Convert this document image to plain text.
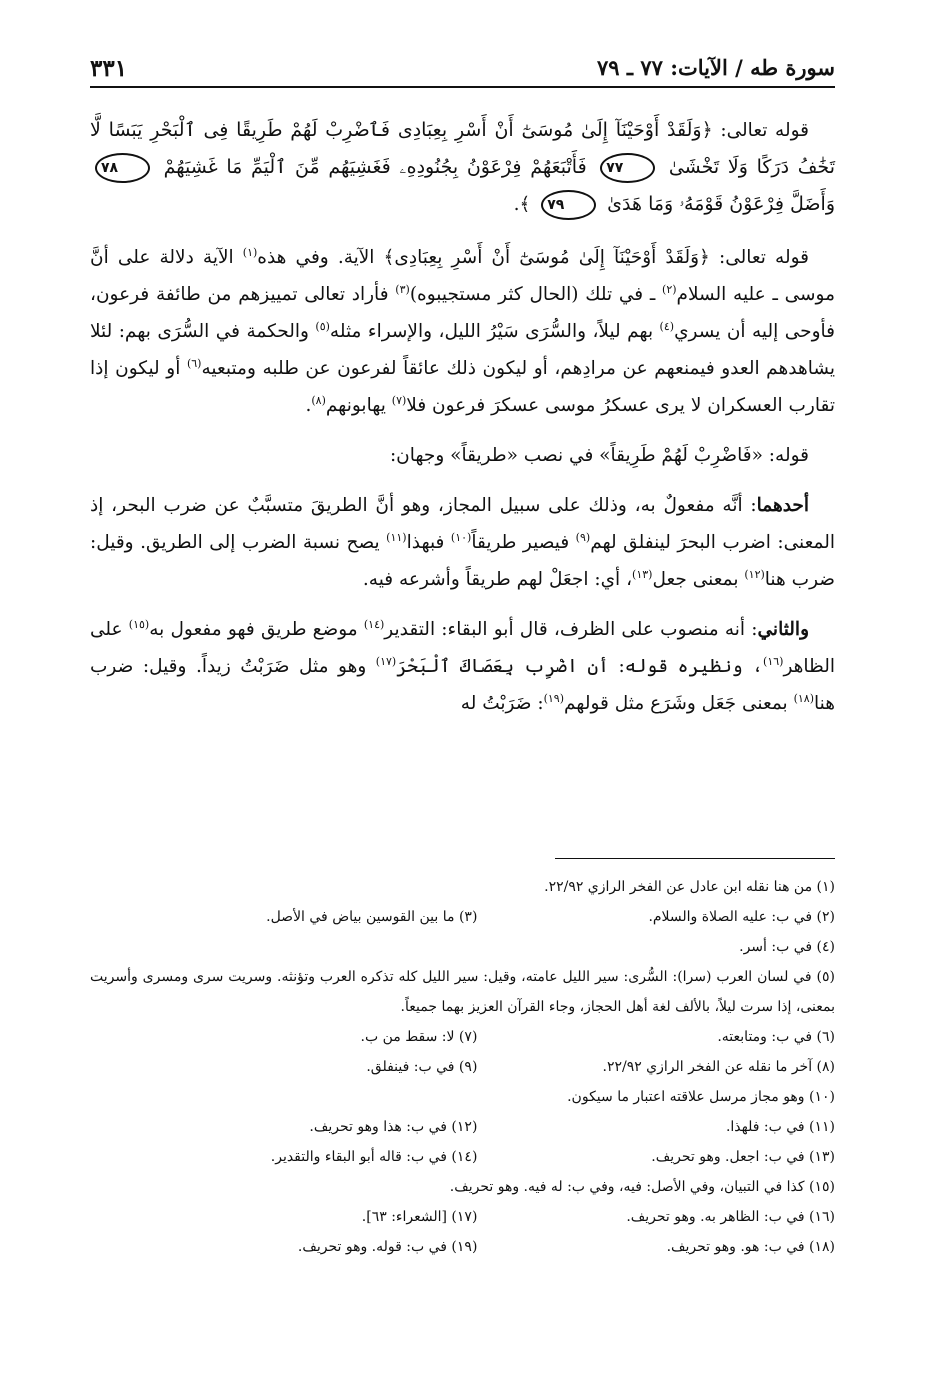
سورة طه / الآيات: ٧٧ ـ ٧٩
٣٣١

قوله تعالى: ﴿وَلَقَدْ أَوْحَيْنَآ إِلَىٰ مُوسَىٰٓ أَنْ أَسْرِ بِعِبَادِى فَٱضْرِبْ لَهُمْ طَرِيقًا فِى ٱلْبَحْرِ يَبَسًا لَّا تَخَٰفُ دَرَكًا وَلَا تَخْشَىٰ ٧٧ فَأَتْبَعَهُمْ فِرْعَوْنُ بِجُنُودِهِۦ فَغَشِيَهُم مِّنَ ٱلْيَمِّ مَا غَشِيَهُمْ ٧٨ وَأَضَلَّ فِرْعَوْنُ قَوْمَهُۥ وَمَا هَدَىٰ ٧٩ ﴾.

قوله تعالى: ﴿وَلَقَدْ أَوْحَيْنَآ إِلَىٰ مُوسَىٰٓ أَنْ أَسْرِ بِعِبَادِى﴾ الآية. وفي هذه$^{(١)}$ الآية دلالة على أنَّ موسى ـ عليه السلام$^{(٢)}$ ـ في تلك (الحال كثر مستجيبوه)$^{(٣)}$ فأراد تعالى تمييزهم من طائفة فرعون، فأوحى إليه أن يسري$^{(٤)}$ بهم ليلاً، والسُّرَى سَيْرُ الليل، والإسراء مثله$^{(٥)}$ والحكمة في السُّرَى بهم: لئلا يشاهدهم العدو فيمنعهم عن مرادِهم، أو ليكون ذلك عائقاً لفرعون عن طلبه ومتبعيه$^{(٦)}$ أو ليكون إذا تقارب العسكران لا يرى عسكرُ موسى عسكرَ فرعون فلا$^{(٧)}$ يهابونهم$^{(٨)}$.

قوله: «فَاضْرِبْ لَهُمْ طَرِيقاً» في نصب «طريقاً» وجهان:

أحدهما: أنَّه مفعولٌ به، وذلك على سبيل المجاز، وهو أنَّ الطريقَ متسبَّبٌ عن ضرب البحر، إذ المعنى: اضرب البحرَ لينفلق لهم$^{(٩)}$ فيصير طريقاً$^{(١٠)}$ فبهذا$^{(١١)}$ يصح نسبة الضرب إلى الطريق. وقيل: ضرب هنا$^{(١٢)}$ بمعنى جعل$^{(١٣)}$، أي: اجعَلْ لهم طريقاً وأشرعه فيه.

والثاني: أنه منصوب على الظرف، قال أبو البقاء: التقدير$^{(١٤)}$ موضع طريق فهو مفعول به$^{(١٥)}$ على الظاهر$^{(١٦)}$، ونظيره قوله: أن اضْرِب بِعَصَاكَ ٱلْبَحْرَ$^{(١٧)}$ وهو مثل ضَرَبْتُ زيداً. وقيل: ضرب هنا$^{(١٨)}$ بمعنى جَعَل وشَرَع مثل قولهم$^{(١٩)}$: ضَرَبْتُ له

(١) من هنا نقله ابن عادل عن الفخر الرازي ٢٢/٩٢.
(٢) في ب: عليه الصلاة والسلام.
(٣) ما بين القوسين بياض في الأصل.
(٤) في ب: أسر.
(٥) في لسان العرب (سرا): السُّرى: سير الليل عامته، وقيل: سير الليل كله تذكره العرب وتؤنثه. وسريت سرى ومسرى وأسريت بمعنى، إذا سرت ليلاً، بالألف لغة أهل الحجاز، وجاء القرآن العزيز بهما جميعاً.
(٦) في ب: ومتابعته.
(٧) لا: سقط من ب.
(٨) آخر ما نقله عن الفخر الرازي ٢٢/٩٢.
(٩) في ب: فينفلق.
(١٠) وهو مجاز مرسل علاقته اعتبار ما سيكون.
(١١) في ب: فلهذا.
(١٢) في ب: هذا وهو تحريف.
(١٣) في ب: اجعل. وهو تحريف.
(١٤) في ب: قاله أبو البقاء والتقدير.
(١٥) كذا في التبيان، وفي الأصل: فيه، وفي ب: له فيه. وهو تحريف.
(١٦) في ب: الظاهر به. وهو تحريف.
(١٧) [الشعراء: ٦٣].
(١٨) في ب: هو. وهو تحريف.
(١٩) في ب: قوله. وهو تحريف.
